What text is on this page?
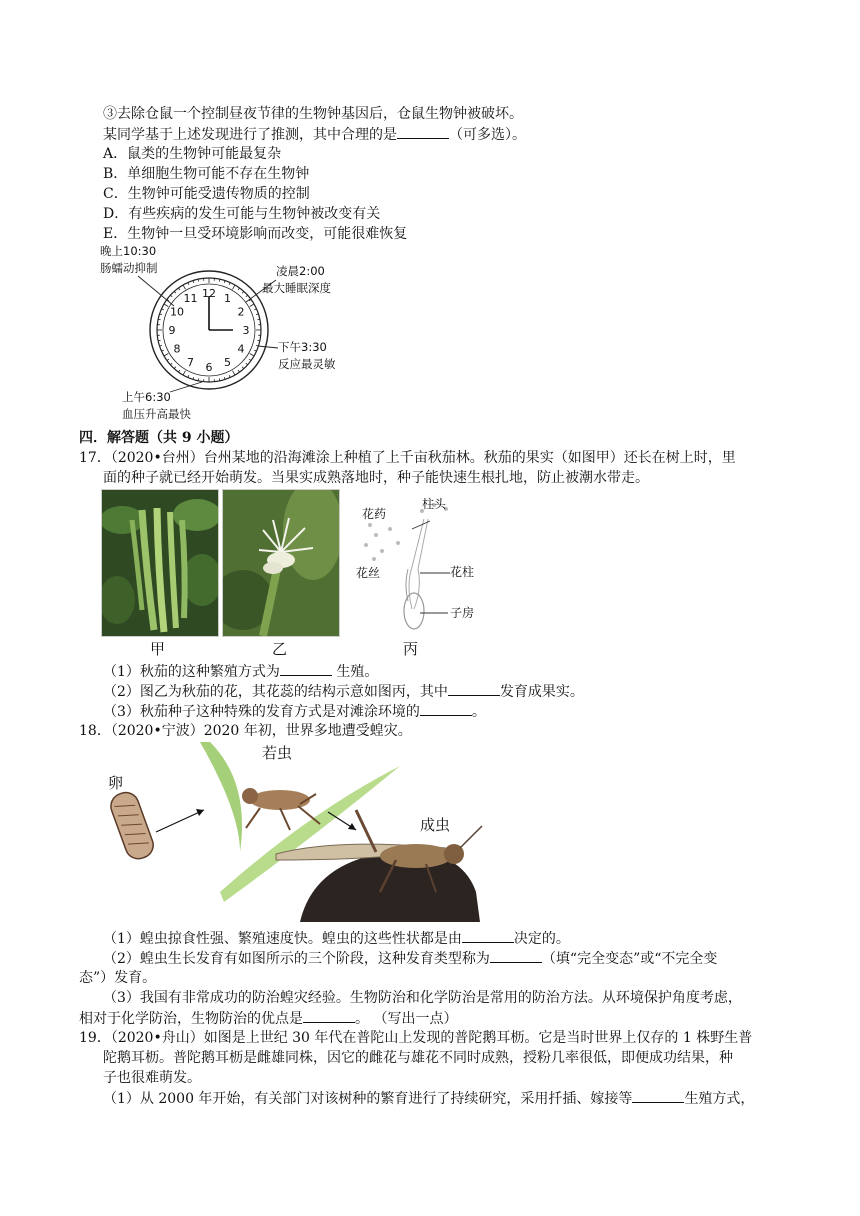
③去除仓鼠一个控制昼夜节律的生物钟基因后，仓鼠生物钟被破坏。
某同学基于上述发现进行了推测，其中合理的是	（可多选）。
A．鼠类的生物钟可能最复杂
B．单细胞生物可能不存在生物钟
C．生物钟可能受遗传物质的控制
D．有些疾病的发生可能与生物钟被改变有关
E．生物钟一旦受环境影响而改变，可能很难恢复
晚上10:30
肠蠕动抑制	凌晨2:00
最大睡眠深度
下午3:30
反应最灵敏
上午6:30
血压升高最快
12 1
2
3
4
5
6
7
8
9
10
11
四．解答题（共 9 小题）
17．（2020•台州）台州某地的沿海滩涂上种植了上千亩秋茄林。秋茄的果实（如图甲）还长在树上时，里
面的种子就已经开始萌发。当果实成熟落地时，种子能快速生根扎地，防止被潮水带走。
花药
柱头
花丝	花柱
子房
甲	乙	丙
（1）秋茄的这种繁殖方式为	生殖。
（2）图乙为秋茄的花，其花蕊的结构示意如图丙，其中	发育成果实。
（3）秋茄种子这种特殊的发育方式是对滩涂环境的	。
18．（2020•宁波）2020 年初，世界多地遭受蝗灾。
卵
若虫
成虫
（1）蝗虫掠食性强、繁殖速度快。蝗虫的这些性状都是由	决定的。
（2）蝗虫生长发育有如图所示的三个阶段，这种发育类型称为	（填“完全变态”或“不完全变
态”）发育。
（3）我国有非常成功的防治蝗灾经验。生物防治和化学防治是常用的防治方法。从环境保护角度考虑，
相对于化学防治，生物防治的优点是	。 （写出一点）
19．（2020•舟山）如图是上世纪 30 年代在普陀山上发现的普陀鹅耳枥。它是当时世界上仅存的 1 株野生普
陀鹅耳枥。普陀鹅耳枥是雌雄同株，因它的雌花与雄花不同时成熟，授粉几率很低，即便成功结果，种
子也很难萌发。
（1）从 2000 年开始，有关部门对该树种的繁育进行了持续研究，采用扦插、嫁接等	生殖方式，
